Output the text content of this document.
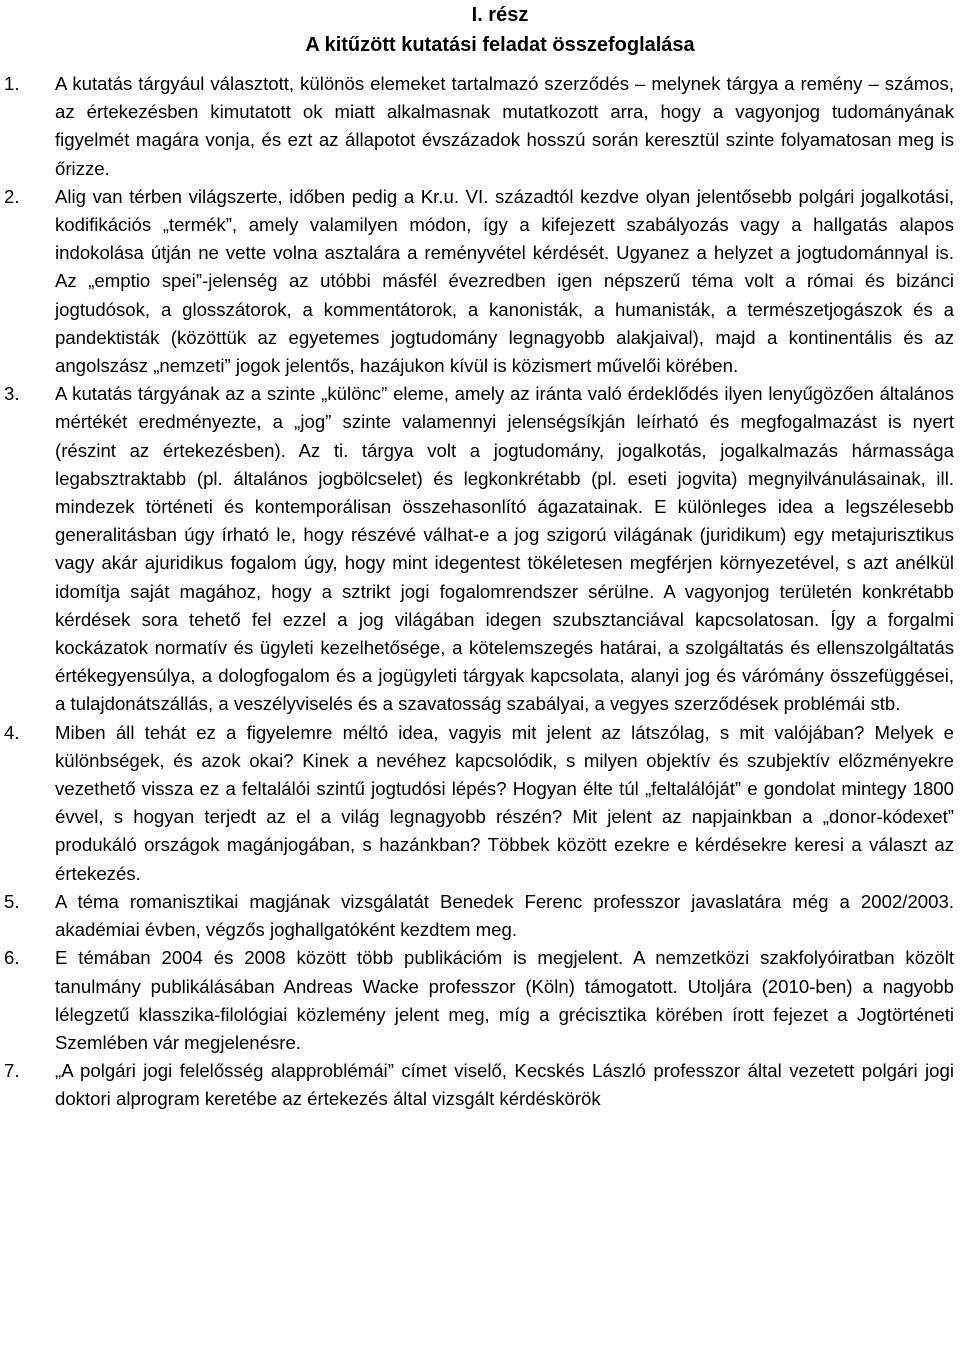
I. rész
A kitűzött kutatási feladat összefoglalása
1. A kutatás tárgyául választott, különös elemeket tartalmazó szerződés – melynek tárgya a remény – számos, az értekezésben kimutatott ok miatt alkalmasnak mutatkozott arra, hogy a vagyonjog tudományának figyelmét magára vonja, és ezt az állapotot évszázadok hosszú során keresztül szinte folyamatosan meg is őrizze.
2. Alig van térben világszerte, időben pedig a Kr.u. VI. századtól kezdve olyan jelentősebb polgári jogalkotási, kodifikációs „termék”, amely valamilyen módon, így a kifejezett szabályozás vagy a hallgatás alapos indokolása útján ne vette volna asztalára a reményvétel kérdését. Ugyanez a helyzet a jogtudománnyal is. Az „emptio spei”-jelenség az utóbbi másfél évezredben igen népszerű téma volt a római és bizánci jogtudósok, a glosszátorok, a kommentátorok, a kanonisták, a humanisták, a természetjogászok és a pandektisták (közöttük az egyetemes jogtudomány legnagyobb alakjaival), majd a kontinentális és az angolszász „nemzeti” jogok jelentős, hazájukon kívül is közismert művelői körében.
3. A kutatás tárgyának az a szinte „különc” eleme, amely az iránta való érdeklődés ilyen lenyűgözően általános mértékét eredményezte, a „jog” szinte valamennyi jelenségsíkján leírható és megfogalmazást is nyert (részint az értekezésben). Az ti. tárgya volt a jogtudomány, jogalkotás, jogalkalmazás hármassága legabsztraktabb (pl. általános jogbölcselet) és legkonkrétabb (pl. eseti jogvita) megnyilvánulásainak, ill. mindezek történeti és kontemporálisan összehasonlító ágazatainak. E különleges idea a legszélesebb generalitásban úgy írható le, hogy részévé válhat-e a jog szigorú világának (juridikum) egy metajurisztikus vagy akár ajuridikus fogalom úgy, hogy mint idegentest tökéletesen megférjen környezetével, s azt anélkül idomítja saját magához, hogy a sztrikt jogi fogalomrendszer sérülne. A vagyonjog területén konkrétabb kérdések sora tehető fel ezzel a jog világában idegen szubsztanciával kapcsolatosan. Így a forgalmi kockázatok normatív és ügyleti kezelhetősége, a kötelemszegés határai, a szolgáltatás és ellenszolgáltatás értékegyensúlya, a dologfogalom és a jogügyleti tárgyak kapcsolata, alanyi jog és várómány összefüggései, a tulajdonátszállás, a veszélyviselés és a szavatosság szabályai, a vegyes szerződések problémái stb.
4. Miben áll tehát ez a figyelemre méltó idea, vagyis mit jelent az látszólag, s mit valójában? Melyek e különbségek, és azok okai? Kinek a nevéhez kapcsolódik, s milyen objektív és szubjektív előzményekre vezethető vissza ez a feltalálói szintű jogtudósi lépés? Hogyan élte túl „feltalálóját” e gondolat mintegy 1800 évvel, s hogyan terjedt az el a világ legnagyobb részén? Mit jelent az napjainkban a „donor-kódexet” produkáló országok magánjogában, s hazánkban? Többek között ezekre e kérdésekre keresi a választ az értekezés.
5. A téma romanisztikai magjának vizsgálatát Benedek Ferenc professzor javaslatára még a 2002/2003. akadémiai évben, végzős joghallgatóként kezdtem meg.
6. E témában 2004 és 2008 között több publikációm is megjelent. A nemzetközi szakfolyóiratban közölt tanulmány publikálásában Andreas Wacke professzor (Köln) támogatott. Utoljára (2010-ben) a nagyobb lélegzetű klasszika-filológiai közlemény jelent meg, míg a grécisztika körében írott fejezet a Jogtörténeti Szemlében vár megjelenésre.
7. „A polgári jogi felelősség alapproblémái” címet viselő, Kecskés László professzor által vezetett polgári jogi doktori alprogram keretébe az értekezés által vizsgált kérdéskörök
